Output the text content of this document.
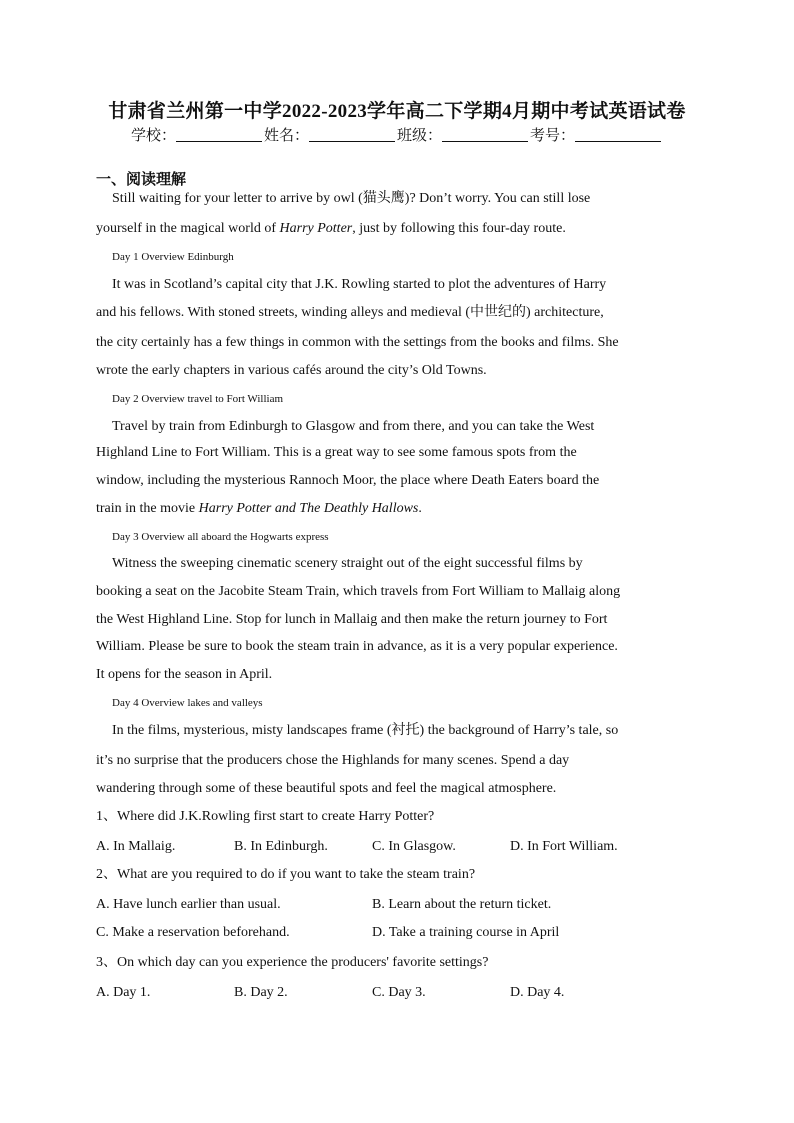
甘肃省兰州第一中学2022-2023学年高二下学期4月期中考试英语试卷
学校：	姓名：	班级：	考号：
一、阅读理解
Still waiting for your letter to arrive by owl (猫头鹰)? Don’t worry. You can still lose
yourself in the magical world of Harry Potter, just by following this four-day route.
Day 1 Overview Edinburgh
It was in Scotland’s capital city that J.K. Rowling started to plot the adventures of Harry
and his fellows. With stoned streets, winding alleys and medieval (中世纪的) architecture,
the city certainly has a few things in common with the settings from the books and films. She
wrote the early chapters in various cafés around the city’s Old Towns.
Day 2 Overview travel to Fort William
Travel by train from Edinburgh to Glasgow and from there, and you can take the West
Highland Line to Fort William. This is a great way to see some famous spots from the
window, including the mysterious Rannoch Moor, the place where Death Eaters board the
train in the movie Harry Potter and The Deathly Hallows.
Day 3 Overview all aboard the Hogwarts express
Witness the sweeping cinematic scenery straight out of the eight successful films by
booking a seat on the Jacobite Steam Train, which travels from Fort William to Mallaig along
the West Highland Line. Stop for lunch in Mallaig and then make the return journey to Fort
William. Please be sure to book the steam train in advance, as it is a very popular experience.
It opens for the season in April.
Day 4 Overview lakes and valleys
In the films, mysterious, misty landscapes frame (衬托) the background of Harry’s tale, so
it’s no surprise that the producers chose the Highlands for many scenes. Spend a day
wandering through some of these beautiful spots and feel the magical atmosphere.
1、Where did J.K.Rowling first start to create Harry Potter?
A. In Mallaig.	B. In Edinburgh.	C. In Glasgow.	D. In Fort William.
2、What are you required to do if you want to take the steam train?
A. Have lunch earlier than usual.	B. Learn about the return ticket.
C. Make a reservation beforehand.	D. Take a training course in April
3、On which day can you experience the producers' favorite settings?
A. Day 1.	B. Day 2.	C. Day 3.	D. Day 4.
